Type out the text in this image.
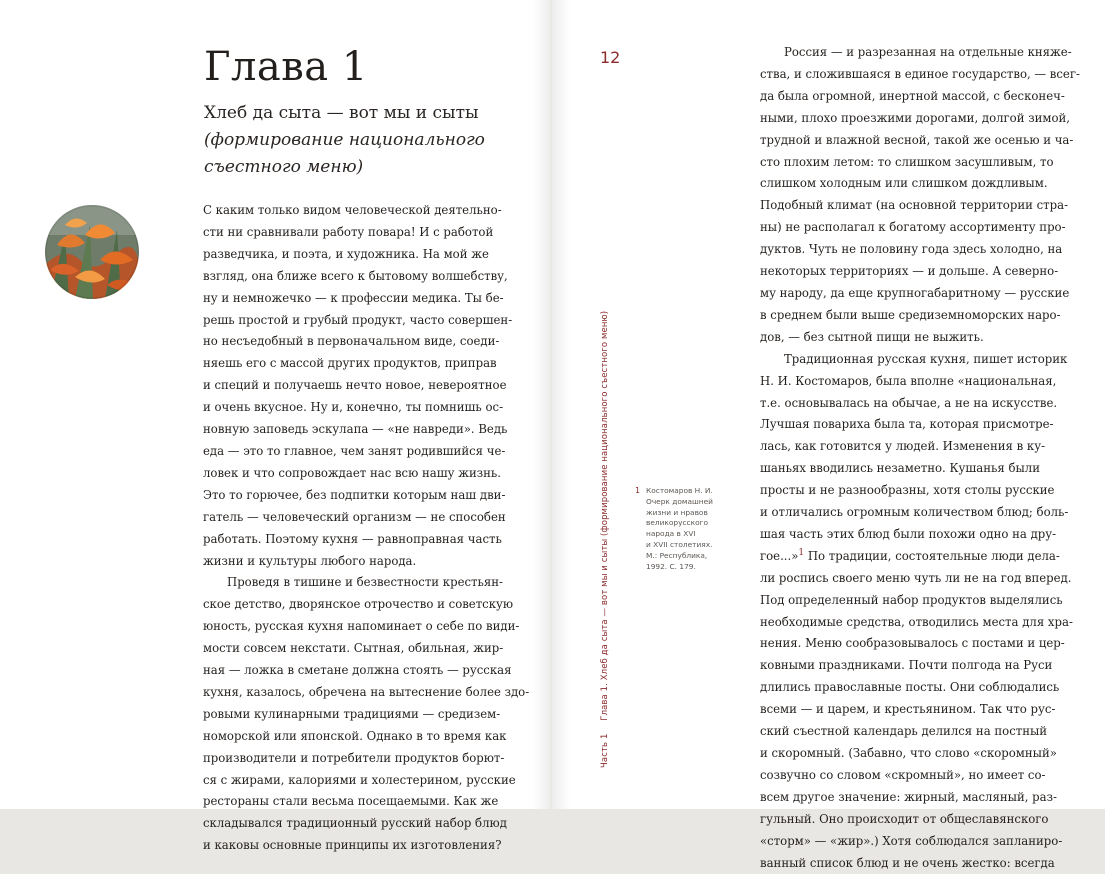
Глава 1
Хлеб да сыта — вот мы и сыты
(формирование национального
съестного меню)
С каким только видом человеческой деятельно-
сти ни сравнивали работу повара! И с работой
разведчика, и поэта, и художника. На мой же
взгляд, она ближе всего к бытовому волшебству,
ну и немножечко — к профессии медика. Ты бе-
решь простой и грубый продукт, часто совершен-
но несъедобный в первоначальном виде, соеди-
няешь его с массой других продуктов, приправ
и специй и получаешь нечто новое, невероятное
и очень вкусное. Ну и, конечно, ты помнишь ос-
новную заповедь эскулапа — «не навреди». Ведь
еда — это то главное, чем занят родившийся че-
ловек и что сопровождает нас всю нашу жизнь.
Это то горючее, без подпитки которым наш дви-
гатель — человеческий организм — не способен
работать. Поэтому кухня — равноправная часть
жизни и культуры любого народа.
Проведя в тишине и безвестности крестьян-
ское детство, дворянское отрочество и советскую
юность, русская кухня напоминает о себе по види-
мости совсем некстати. Сытная, обильная, жир-
ная — ложка в сметане должна стоять — русская
кухня, казалось, обречена на вытеснение более здо-
ровыми кулинарными традициями — средизем-
номорской или японской. Однако в то время как
производители и потребители продуктов борют-
ся с жирами, калориями и холестерином, русские
рестораны стали весьма посещаемыми. Как же
складывался традиционный русский набор блюд
и каковы основные принципы их изготовления?
12
Часть 1 Глава 1. Хлеб да сыта — вот мы и сыты (формирование национального съестного меню)	1 Костомаров Н. И.
Очерк домашней
жизни и нравов
великорусского
народа в XVI
и XVII столетиях.
М.: Республика,
1992. С. 179.
Россия — и разрезанная на отдельные княже-
ства, и сложившаяся в единое государство, — всег-
да была огромной, инертной массой, с бесконеч-
ными, плохо проезжими дорогами, долгой зимой,
трудной и влажной весной, такой же осенью и ча-
сто плохим летом: то слишком засушливым, то
слишком холодным или слишком дождливым.
Подобный климат (на основной территории стра-
ны) не располагал к богатому ассортименту про-
дуктов. Чуть не половину года здесь холодно, на
некоторых территориях — и дольше. А северно-
му народу, да еще крупногабаритному — русские
в среднем были выше средиземноморских наро-
дов, — без сытной пищи не выжить.
Традиционная русская кухня, пишет историк
Н. И. Костомаров, была вполне «национальная,
т.е. основывалась на обычае, а не на искусстве.
Лучшая повариха была та, которая присмотре-
лась, как готовится у людей. Изменения в ку-
шаньях вводились незаметно. Кушанья были
просты и не разнообразны, хотя столы русские
и отличались огромным количеством блюд; боль-
шая часть этих блюд были похожи одно на дру-
гое...»$^1$ По традиции, состоятельные люди дела-
ли роспись своего меню чуть ли не на год вперед.
Под определенный набор продуктов выделялись
необходимые средства, отводились места для хра-
нения. Меню сообразовывалось с постами и цер-
ковными праздниками. Почти полгода на Руси
длились православные посты. Они соблюдались
всеми — и царем, и крестьянином. Так что рус-
ский съестной календарь делился на постный
и скоромный. (Забавно, что слово «скоромный»
созвучно со словом «скромный», но имеет со-
всем другое значение: жирный, масляный, раз-
гульный. Оно происходит от общеславянского
«сторм» — «жир».) Хотя соблюдался запланиро-
ванный список блюд и не очень жестко: всегда
